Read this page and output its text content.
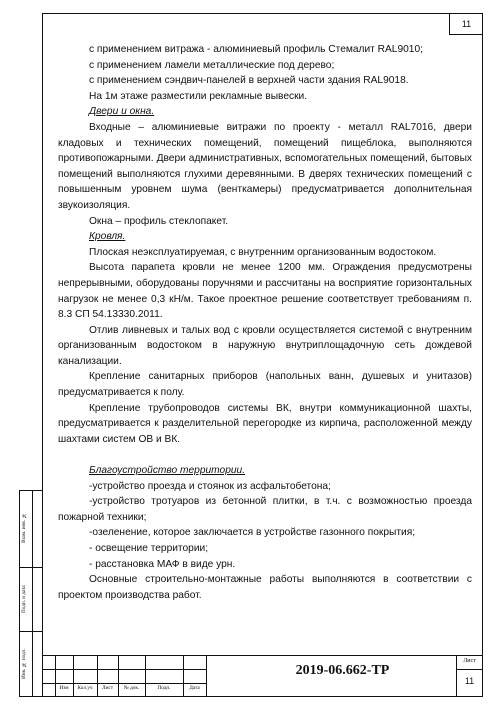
11

с применением витража - алюминиевый профиль Стемалит RAL9010;

с применением ламели металлические под дерево;

с применением сэндвич-панелей в верхней части здания RAL9018.

На 1м этаже разместили рекламные вывески.

Двери и окна.

Входные – алюминиевые витражи по проекту - металл RAL7016, двери кладовых и технических помещений, помещений пищеблока, выполняются противопожарными. Двери административных, вспомогательных помещений, бытовых помещений выполняются глухими деревянными. В дверях технических помещений с повышенным уровнем шума (венткамеры) предусматривается дополнительная звукоизоляция.

Окна – профиль стеклопакет.

Кровля.

Плоская неэксплуатируемая, с внутренним организованным водостоком.

Высота парапета кровли не менее 1200 мм. Ограждения предусмотрены непрерывными, оборудованы поручнями и рассчитаны на восприятие горизонтальных нагрузок не менее 0,3 кН/м. Такое проектное решение соответствует требованиям п. 8.3 СП 54.13330.2011.

Отлив ливневых и талых вод с кровли осуществляется системой с внутренним организованным водостоком в наружную внутриплощадочную сеть дождевой канализации.

Крепление санитарных приборов (напольных ванн, душевых и унитазов) предусматривается к полу.

Крепление трубопроводов системы ВК, внутри коммуникационной шахты, предусматривается к разделительной перегородке из кирпича, расположенной между шахтами систем ОВ и ВК.

Благоустройство территории.

-устройство проезда и стоянок из асфальтобетона;

-устройство тротуаров из бетонной плитки, в т.ч. с возможностью проезда пожарной техники;

-озеленение, которое заключается в устройстве газонного покрытия;

- освещение территории;

- расстановка МАФ в виде урн.

Основные строительно-монтажные работы выполняются в соответствии с проектом производства работ.

Взам. инв. №
Подп. и дата
Инв. № подл.
Изм	Кол.уч	Лист	№ док.	Подп.	Дата
2019-06.662-ТР
Лист
11
